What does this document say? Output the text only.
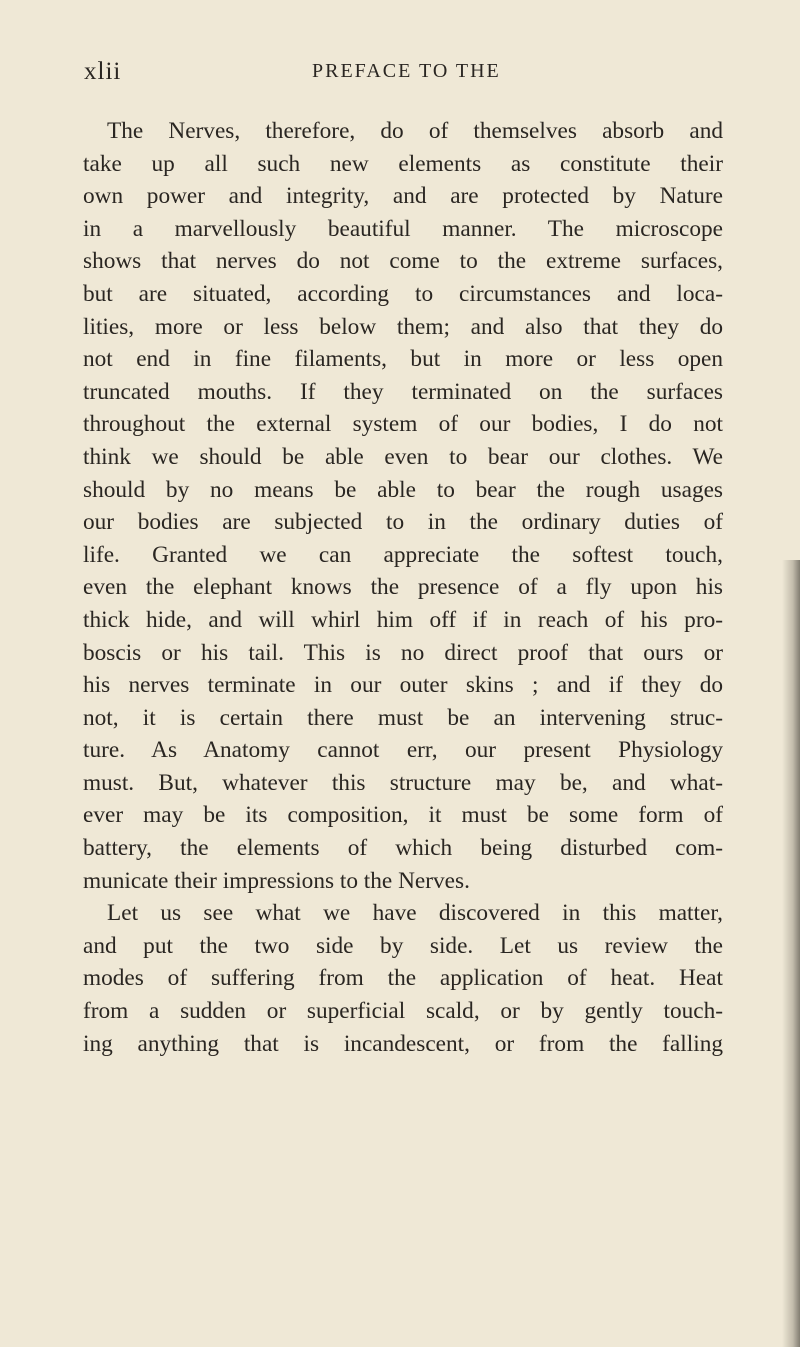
xlii	PREFACE TO THE
The Nerves, therefore, do of themselves absorb and
take up all such new elements as constitute their
own power and integrity, and are protected by Nature
in a marvellously beautiful manner. The microscope
shows that nerves do not come to the extreme surfaces,
but are situated, according to circumstances and loca-
lities, more or less below them; and also that they do
not end in fine filaments, but in more or less open
truncated mouths. If they terminated on the surfaces
throughout the external system of our bodies, I do not
think we should be able even to bear our clothes. We
should by no means be able to bear the rough usages
our bodies are subjected to in the ordinary duties of
life. Granted we can appreciate the softest touch,
even the elephant knows the presence of a fly upon his
thick hide, and will whirl him off if in reach of his pro-
boscis or his tail. This is no direct proof that ours or
his nerves terminate in our outer skins ; and if they do
not, it is certain there must be an intervening struc-
ture. As Anatomy cannot err, our present Physiology
must. But, whatever this structure may be, and what-
ever may be its composition, it must be some form of
battery, the elements of which being disturbed com-
municate their impressions to the Nerves.
Let us see what we have discovered in this matter,
and put the two side by side. Let us review the
modes of suffering from the application of heat. Heat
from a sudden or superficial scald, or by gently touch-
ing anything that is incandescent, or from the falling
